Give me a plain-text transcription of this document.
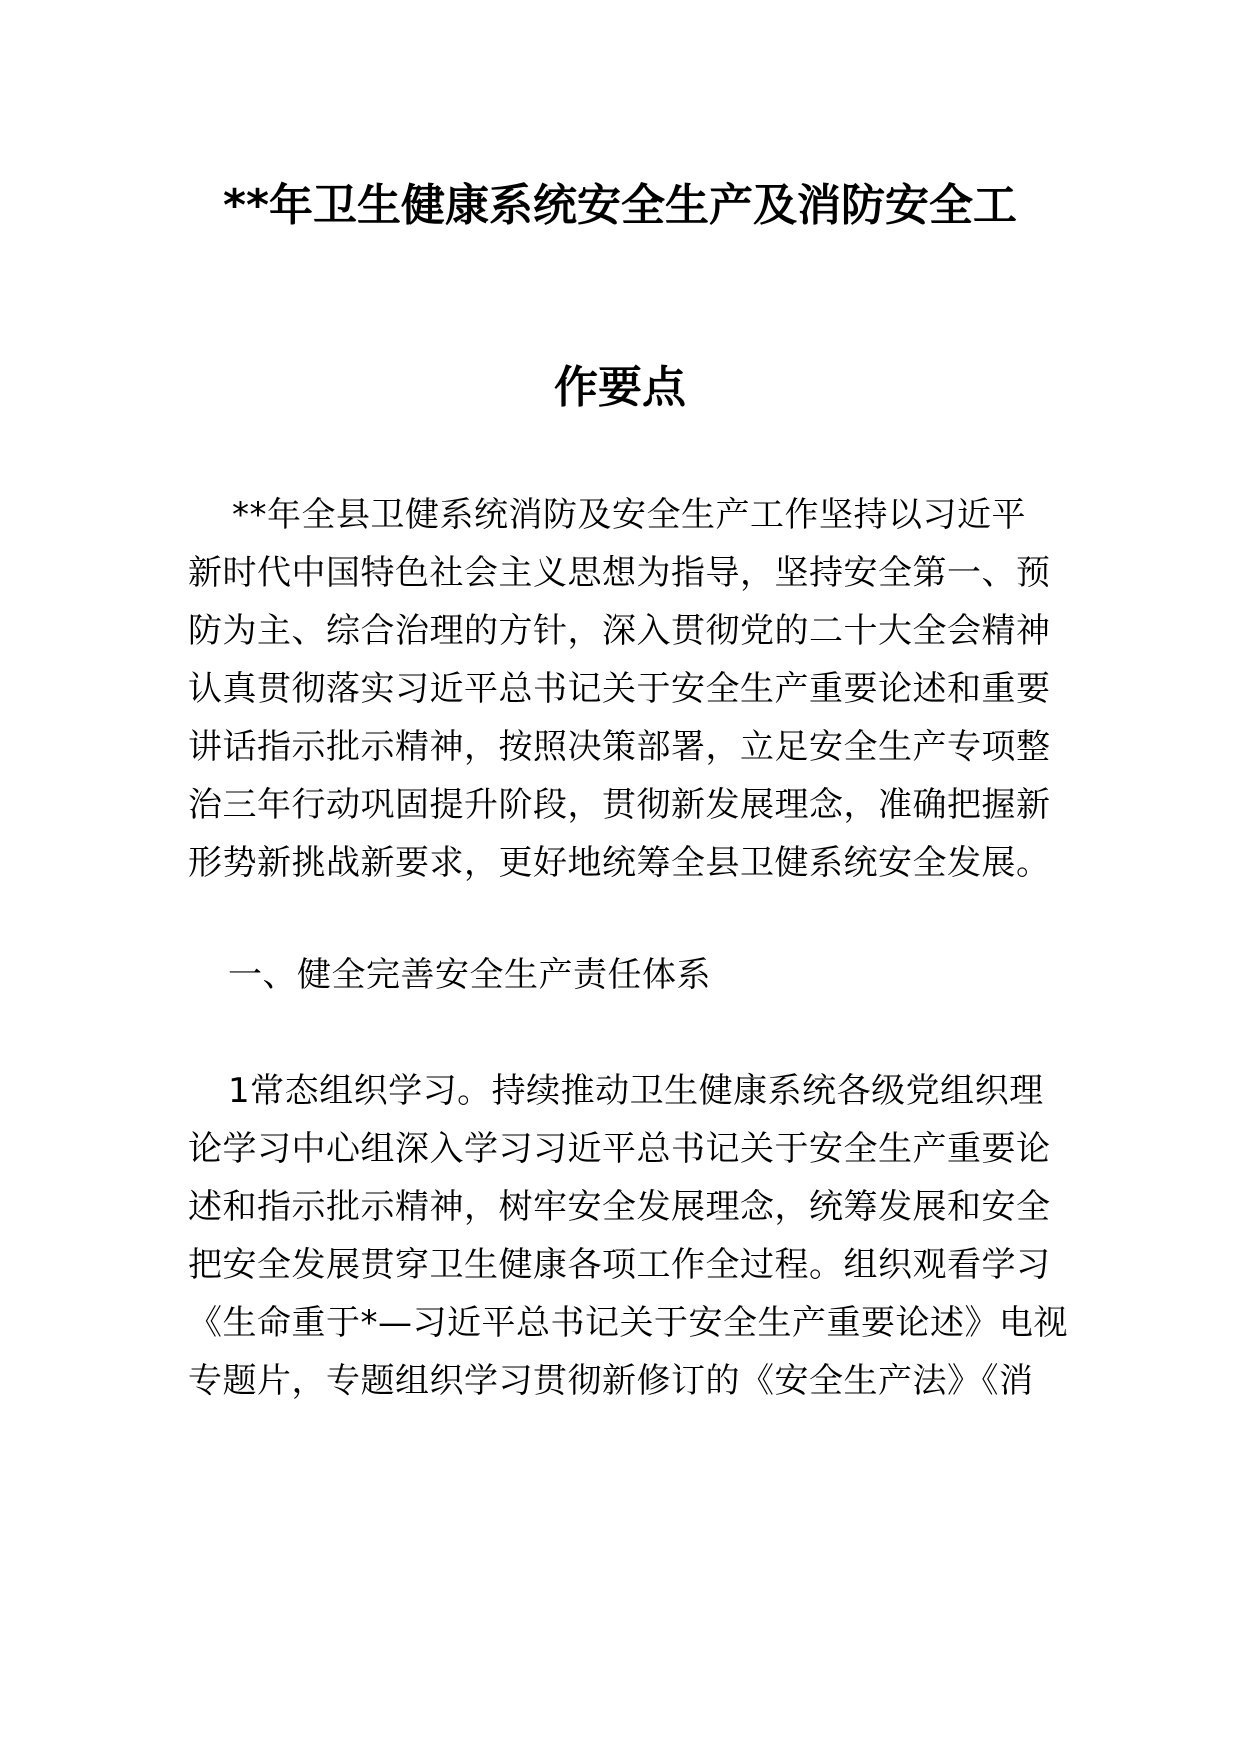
**年卫生健康系统安全生产及消防安全工
作要点
**年全县卫健系统消防及安全生产工作坚持以习近平
新时代中国特色社会主义思想为指导，坚持安全第一、预
防为主、综合治理的方针，深入贯彻党的二十大全会精神
认真贯彻落实习近平总书记关于安全生产重要论述和重要
讲话指示批示精神，按照决策部署，立足安全生产专项整
治三年行动巩固提升阶段，贯彻新发展理念，准确把握新
形势新挑战新要求，更好地统筹全县卫健系统安全发展。
一、健全完善安全生产责任体系
1常态组织学习。持续推动卫生健康系统各级党组织理
论学习中心组深入学习习近平总书记关于安全生产重要论
述和指示批示精神，树牢安全发展理念，统筹发展和安全
把安全发展贯穿卫生健康各项工作全过程。组织观看学习
《生命重于*—习近平总书记关于安全生产重要论述》电视
专题片，专题组织学习贯彻新修订的《安全生产法》《消
